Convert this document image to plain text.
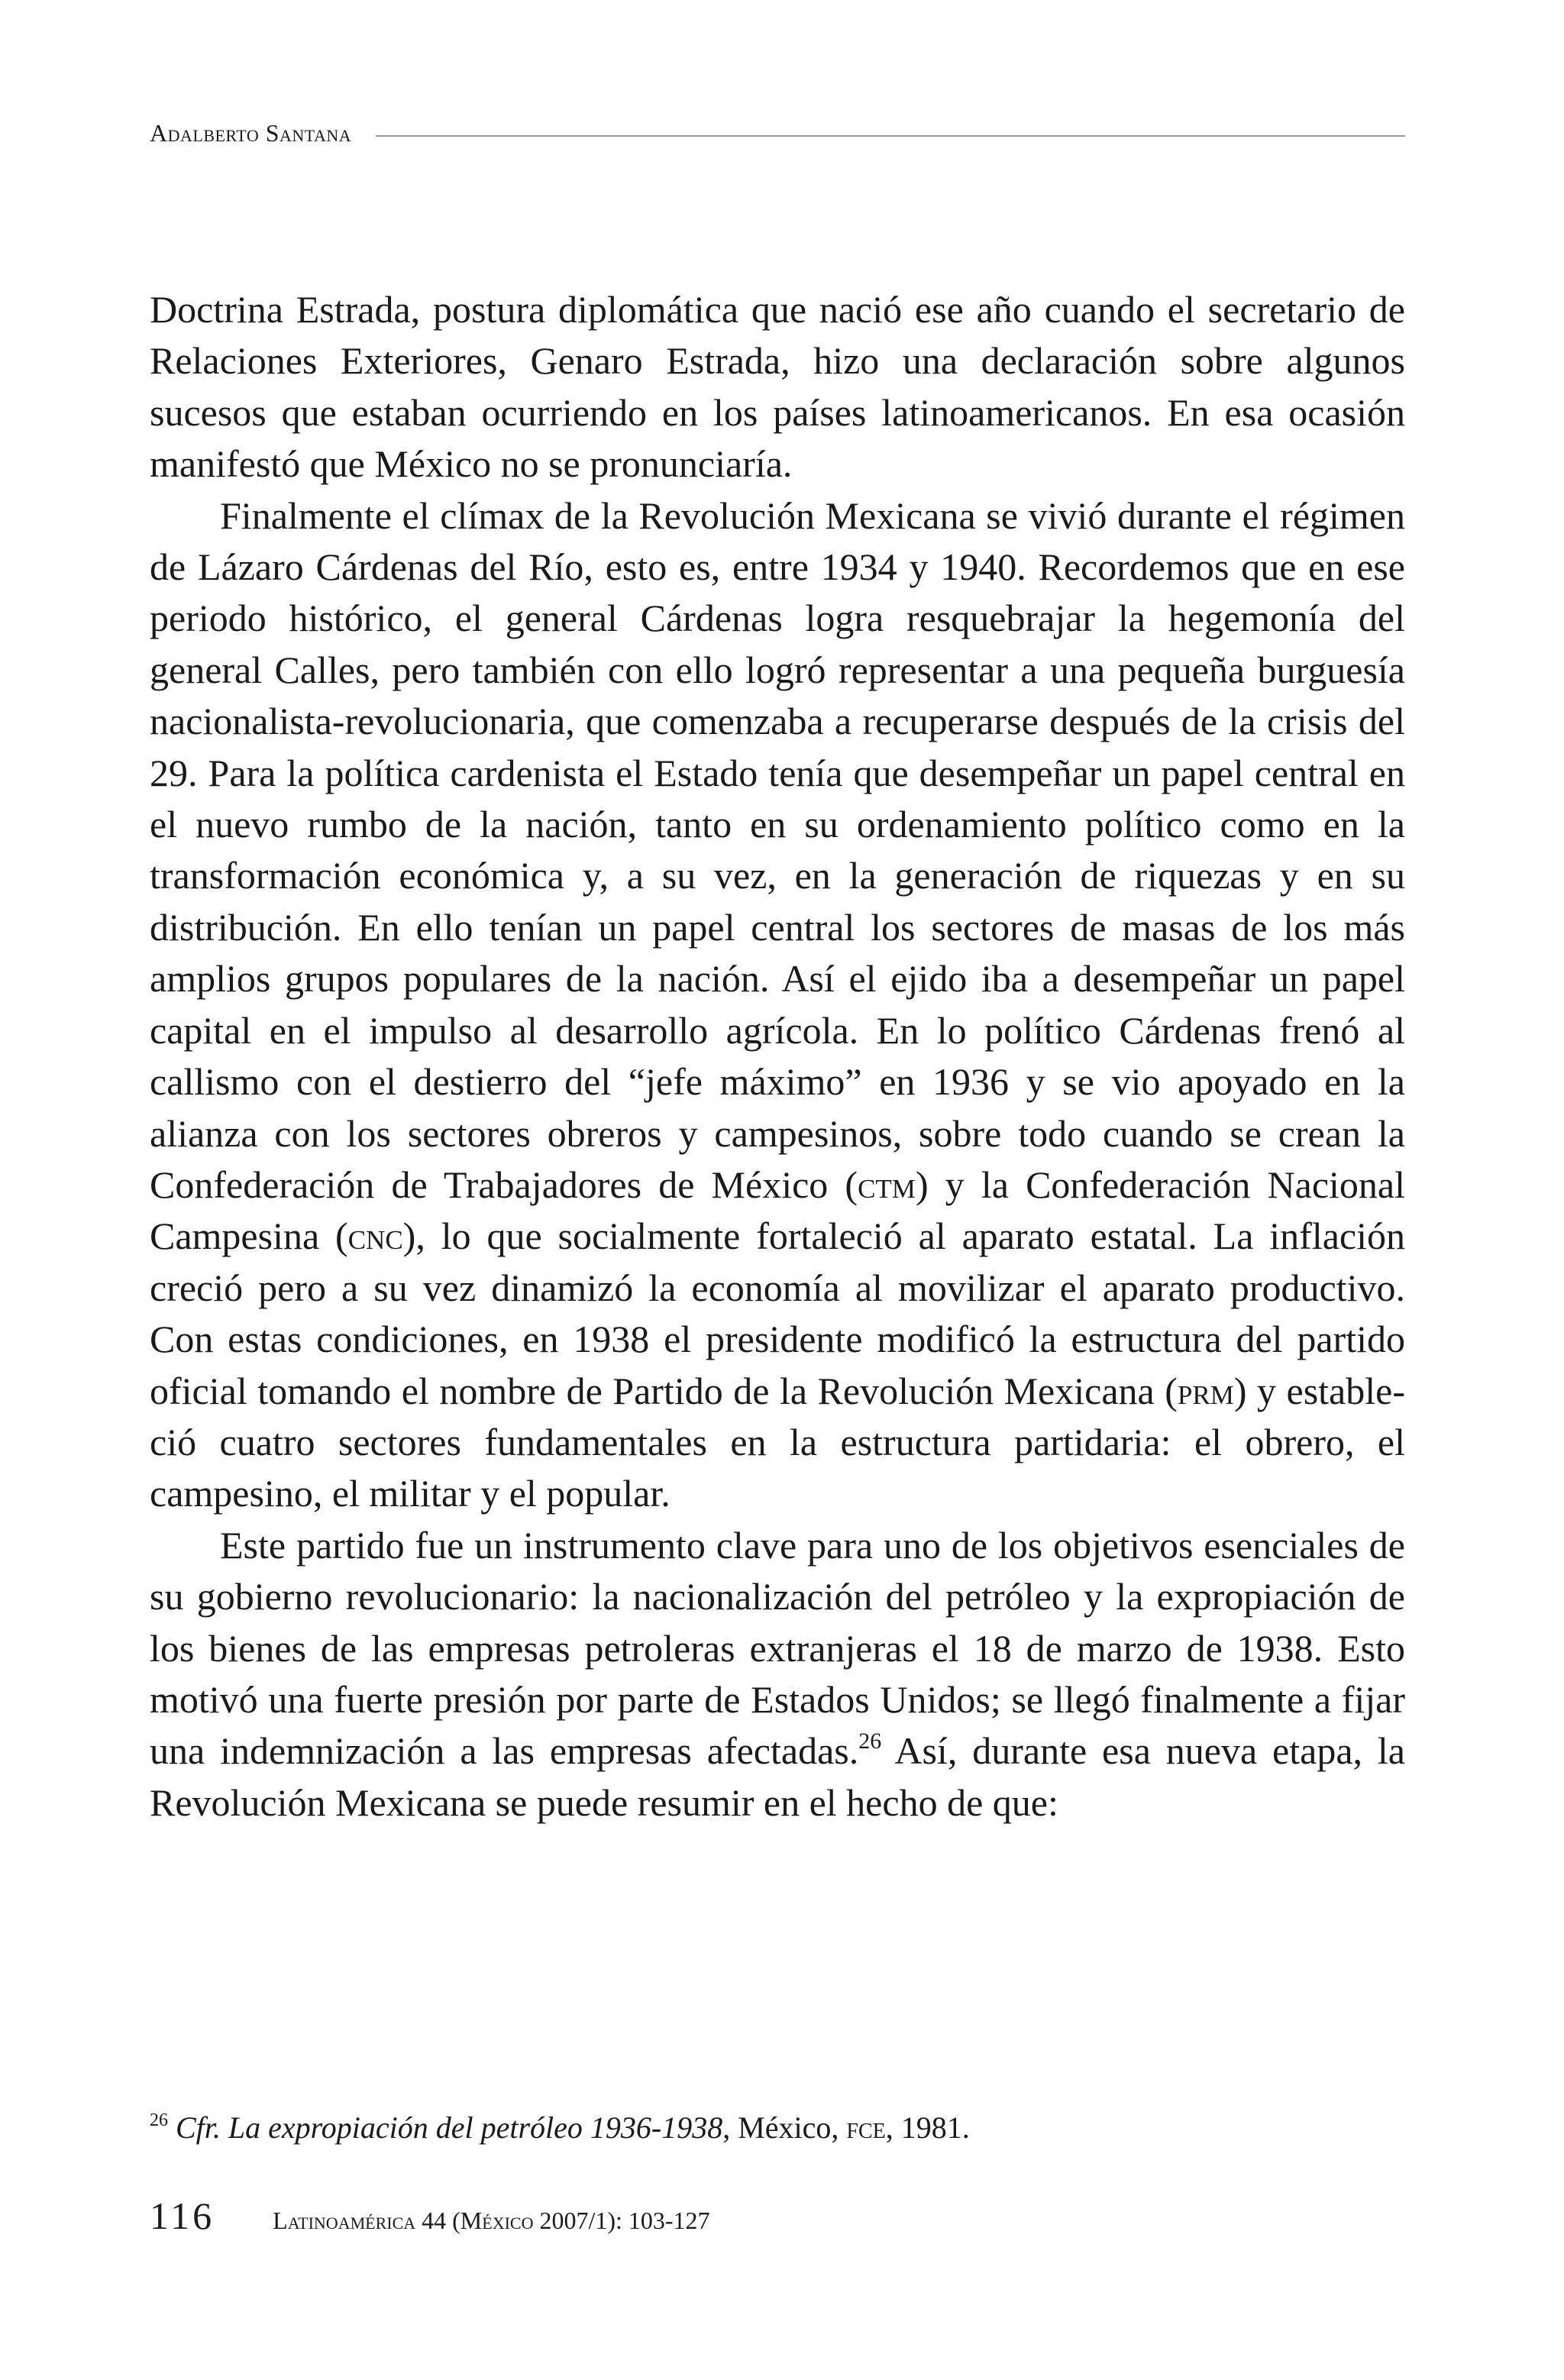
Adalberto Santana

Doctrina Estrada, postura diplomática que nació ese año cuando el secretario de Relaciones Exteriores, Genaro Estrada, hizo una declaración sobre algunos sucesos que estaban ocurriendo en los países latinoamericanos. En esa ocasión manifestó que México no se pronunciaría.

Finalmente el clímax de la Revolución Mexicana se vivió durante el régimen de Lázaro Cárdenas del Río, esto es, entre 1934 y 1940. Recordemos que en ese periodo histórico, el general Cárdenas logra resquebrajar la hegemonía del general Calles, pero también con ello logró representar a una pequeña burguesía nacionalista-revolucionaria, que comenzaba a recuperarse después de la crisis del 29. Para la política cardenista el Estado tenía que desempeñar un papel central en el nuevo rumbo de la nación, tanto en su ordenamiento político como en la transformación económica y, a su vez, en la generación de riquezas y en su distribución. En ello tenían un papel central los sectores de masas de los más amplios grupos populares de la nación. Así el ejido iba a desempeñar un papel capital en el impulso al desarrollo agrícola. En lo político Cárdenas frenó al callismo con el destierro del “jefe máximo” en 1936 y se vio apoyado en la alianza con los sectores obreros y campesinos, sobre todo cuando se crean la Confederación de Trabajadores de México (ctm) y la Confederación Nacional Campesina (cnc), lo que socialmente fortaleció al aparato estatal. La inflación creció pero a su vez dinamizó la economía al movilizar el aparato productivo. Con estas condiciones, en 1938 el presidente modificó la estructura del partido oficial tomando el nombre de Partido de la Revolución Mexicana (prm) y estableció cuatro sectores fundamentales en la estructura partidaria: el obrero, el campesino, el militar y el popular.

Este partido fue un instrumento clave para uno de los objetivos esenciales de su gobierno revolucionario: la nacionalización del petróleo y la expropiación de los bienes de las empresas petroleras extranjeras el 18 de marzo de 1938. Esto motivó una fuerte presión por parte de Estados Unidos; se llegó finalmente a fijar una indemnización a las empresas afectadas.$^{26}$ Así, durante esa nueva etapa, la Revolución Mexicana se puede resumir en el hecho de que:

$^{26}$ Cfr. La expropiación del petróleo 1936-1938, México, fce, 1981.
116 Latinoamérica 44 (México 2007/1): 103-127
